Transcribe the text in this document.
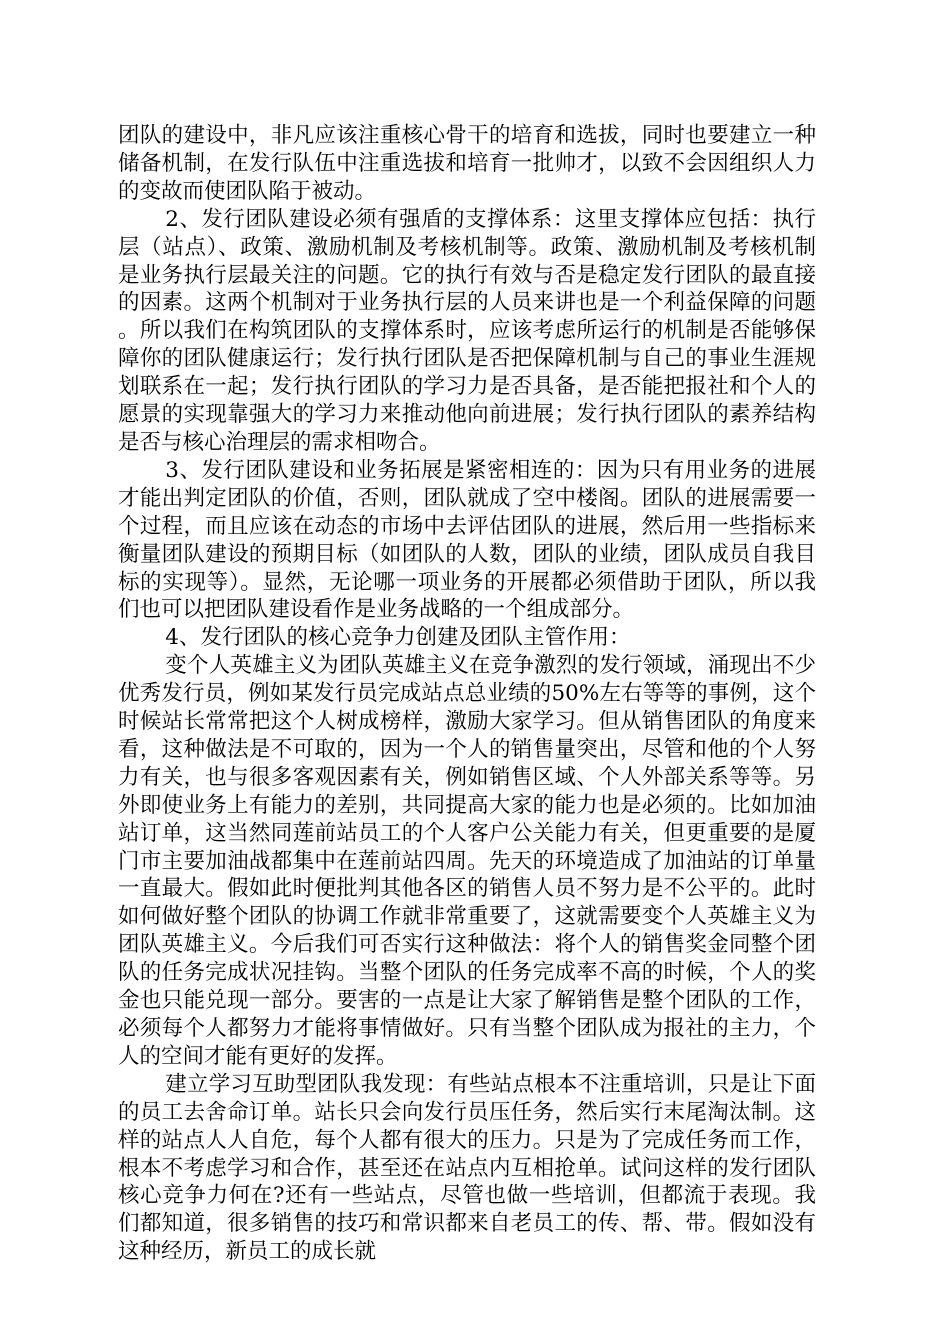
团队的建设中，非凡应该注重核心骨干的培育和选拔，同时也要建立一种储备机制，在发行队伍中注重选拔和培育一批帅才，以致不会因组织人力的变故而使团队陷于被动。

2、发行团队建设必须有强盾的支撑体系：这里支撑体应包括：执行层（站点）、政策、激励机制及考核机制等。政策、激励机制及考核机制是业务执行层最关注的问题。它的执行有效与否是稳定发行团队的最直接的因素。这两个机制对于业务执行层的人员来讲也是一个利益保障的问题。所以我们在构筑团队的支撑体系时，应该考虑所运行的机制是否能够保障你的团队健康运行；发行执行团队是否把保障机制与自己的事业生涯规划联系在一起；发行执行团队的学习力是否具备，是否能把报社和个人的愿景的实现靠强大的学习力来推动他向前进展；发行执行团队的素养结构是否与核心治理层的需求相吻合。

3、发行团队建设和业务拓展是紧密相连的：因为只有用业务的进展才能出判定团队的价值，否则，团队就成了空中楼阁。团队的进展需要一个过程，而且应该在动态的市场中去评估团队的进展，然后用一些指标来衡量团队建设的预期目标（如团队的人数，团队的业绩，团队成员自我目标的实现等）。显然，无论哪一项业务的开展都必须借助于团队，所以我们也可以把团队建设看作是业务战略的一个组成部分。

4、发行团队的核心竞争力创建及团队主管作用：

变个人英雄主义为团队英雄主义在竞争激烈的发行领域，涌现出不少优秀发行员，例如某发行员完成站点总业绩的50%左右等等的事例，这个时候站长常常把这个人树成榜样，激励大家学习。但从销售团队的角度来看，这种做法是不可取的，因为一个人的销售量突出，尽管和他的个人努力有关，也与很多客观因素有关，例如销售区域、个人外部关系等等。另外即使业务上有能力的差别，共同提高大家的能力也是必须的。比如加油站订单，这当然同莲前站员工的个人客户公关能力有关，但更重要的是厦门市主要加油战都集中在莲前站四周。先天的环境造成了加油站的订单量一直最大。假如此时便批判其他各区的销售人员不努力是不公平的。此时如何做好整个团队的协调工作就非常重要了，这就需要变个人英雄主义为团队英雄主义。今后我们可否实行这种做法：将个人的销售奖金同整个团队的任务完成状况挂钩。当整个团队的任务完成率不高的时候，个人的奖金也只能兑现一部分。要害的一点是让大家了解销售是整个团队的工作，必须每个人都努力才能将事情做好。只有当整个团队成为报社的主力，个人的空间才能有更好的发挥。

建立学习互助型团队我发现：有些站点根本不注重培训，只是让下面的员工去舍命订单。站长只会向发行员压任务，然后实行末尾淘汰制。这样的站点人人自危，每个人都有很大的压力。只是为了完成任务而工作，根本不考虑学习和合作，甚至还在站点内互相抢单。试问这样的发行团队核心竞争力何在?还有一些站点，尽管也做一些培训，但都流于表现。我们都知道，很多销售的技巧和常识都来自老员工的传、帮、带。假如没有这种经历，新员工的成长就
